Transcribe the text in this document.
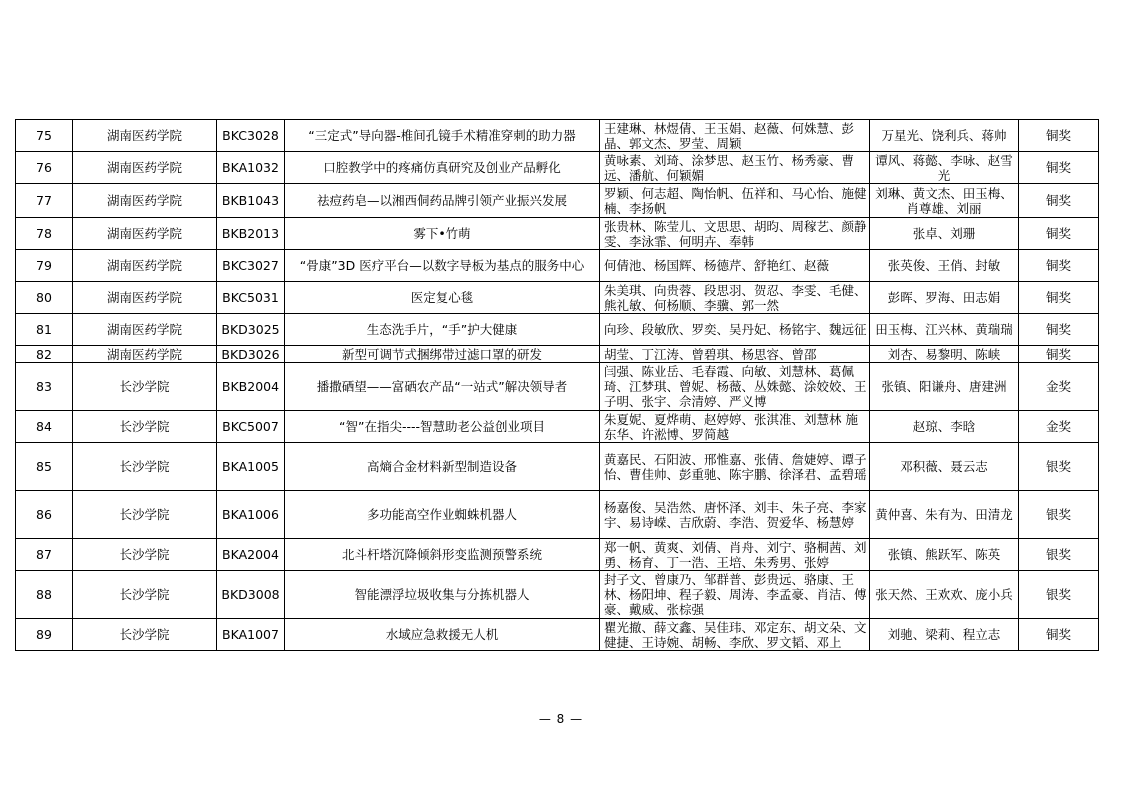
75	湖南医药学院	BKC3028	“三定式”导向器-椎间孔镜手术精准穿刺的助力器	王建琳、林煜倩、王玉娟、赵薇、何姝慧、彭晶、郭文杰、罗莹、周颖	万星光、饶利兵、蒋帅	铜奖
76	湖南医药学院	BKA1032	口腔教学中的疼痛仿真研究及创业产品孵化	黄咏素、刘琦、涂梦思、赵玉竹、杨秀豪、曹远、潘航、何颖媚	谭风、蒋懿、李咏、赵雪光	铜奖
77	湖南医药学院	BKB1043	祛痘药皂—以湘西侗药品牌引领产业振兴发展	罗颖、何志超、陶怡帆、伍祥和、马心怡、施健楠、李扬帆	刘琳、黄文杰、田玉梅、肖尊雄、刘丽	铜奖
78	湖南医药学院	BKB2013	雾下•竹萌	张贵林、陈莹儿、文思思、胡昀、周稼艺、颜静雯、李泳霏、何明卉、奉韩	张卓、刘珊	铜奖
79	湖南医药学院	BKC3027	“骨康”3D 医疗平台—以数字导板为基点的服务中心	何倩池、杨国辉、杨德芹、舒艳红、赵薇	张英俊、王俏、封敏	铜奖
80	湖南医药学院	BKC5031	医定复心毯	朱美琪、向贵蓉、段思羽、贺忍、李雯、毛健、熊礼敏、何杨顺、李骥、郭一然	彭晖、罗海、田志娟	铜奖
81	湖南医药学院	BKD3025	生态洗手片，“手”护大健康	向珍、段敏欣、罗奕、吴丹妃、杨铭宇、魏远征	田玉梅、江兴林、黄瑞瑞	铜奖
82	湖南医药学院	BKD3026	新型可调节式捆绑带过滤口罩的研发	胡莹、丁江涛、曾碧琪、杨思容、曾邵	刘杏、易黎明、陈峡	铜奖
83	长沙学院	BKB2004	播撒硒望——富硒农产品“一站式”解决领导者	闫强、陈业岳、毛春霞、向敏、刘慧林、葛佩琦、江梦琪、曾妮、杨薇、丛姝懿、涂姣姣、王子明、张宇、佘清婷、严义博	张镇、阳谦舟、唐建洲	金奖
84	长沙学院	BKC5007	“智”在指尖----智慧助老公益创业项目	朱夏妮、夏烨萌、赵婷婷、张淇准、刘慧林 施东华、许淞博、罗简越	赵琼、李晗	金奖
85	长沙学院	BKA1005	高熵合金材料新型制造设备	黄嘉民、石阳波、邢惟嘉、张倩、詹婕婷、谭子怡、曹佳帅、彭重驰、陈宇鹏、徐泽君、孟碧瑶	邓积薇、聂云志	银奖
86	长沙学院	BKA1006	多功能高空作业蜘蛛机器人	杨嘉俊、吴浩然、唐怀泽、刘丰、朱子亮、李家宇、易诗嵘、吉欣蔚、李浩、贺爱华、杨慧婷	黄仲喜、朱有为、田清龙	银奖
87	长沙学院	BKA2004	北斗杆塔沉降倾斜形变监测预警系统	郑一帆、黄爽、刘倩、肖舟、刘宁、骆桐茜、刘勇、杨育、丁一浩、王培、朱秀男、张婷	张镇、熊跃军、陈英	银奖
88	长沙学院	BKD3008	智能漂浮垃圾收集与分拣机器人	封子文、曾康乃、邹群普、彭贵远、骆康、王林、杨阳坤、程子毅、周涛、李孟豪、肖洁、傅豪、戴威、张棕强	张天然、王欢欢、庞小兵	银奖
89	长沙学院	BKA1007	水域应急救援无人机	瞿光撤、薛文鑫、吴佳玮、邓定东、胡文朵、文健捷、王诗婉、胡畅、李欣、罗文韬、邓上	刘驰、梁莉、程立志	铜奖
— 8 —
